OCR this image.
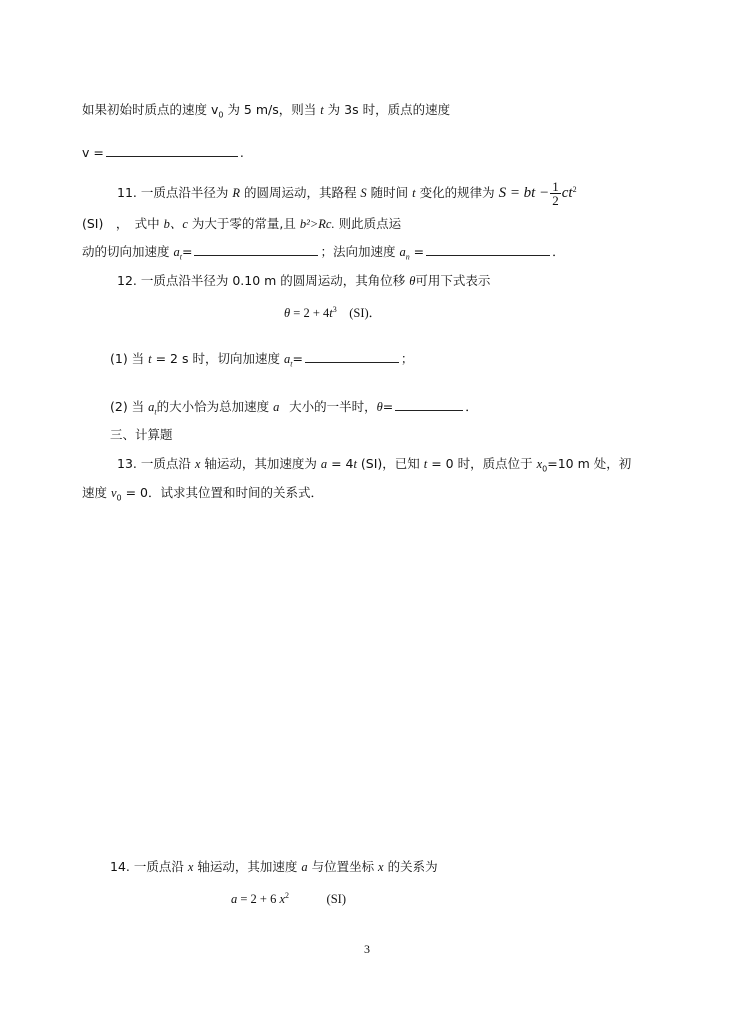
如果初始时质点的速度 $v_0$ 为 5 m/s，则当 t 为 3s 时，质点的速度
v =	.
11. 一质点沿半径为 R 的圆周运动，其路程 S 随时间 t 变化的规律为 S = bt − $\frac{1}{2} ct^2$
(SI)　，　式中 b、c 为大于零的常量,且 b²>Rc. 则此质点运
动的切向加速度 $a_t=$	；法向加速度 $a_n$ =	．
12. 一质点沿半径为 0.10 m 的圆周运动，其角位移 θ可用下式表示
$\theta = 2 + 4t^3$　(SI)．
(1) 当 t = 2 s 时，切向加速度 $a_t=$	；
(2) 当 $a_t$的大小恰为总加速度 a⃗大小的一半时，θ=	．
三、计算题
13. 一质点沿 x 轴运动，其加速度为 a = 4t (SI)，已知 t = 0 时，质点位于 $x_0=10$ m 处，初
速度 $v_0 = 0$．试求其位置和时间的关系式．
14. 一质点沿 x 轴运动，其加速度 a 与位置坐标 x 的关系为
a = 2 + 6 $x^2$　　　(SI)
3
